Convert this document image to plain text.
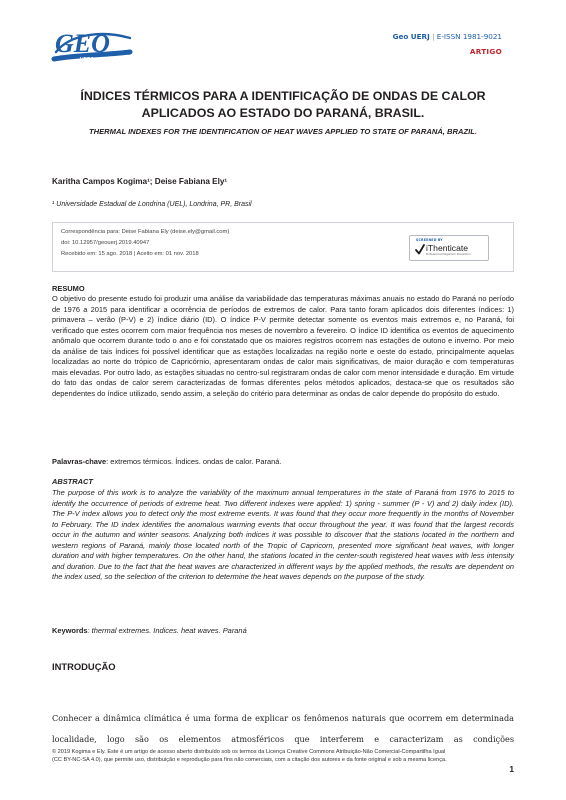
GEO
UERJ
Geo UERJ | E-ISSN 1981-9021
ARTIGO
ÍNDICES TÉRMICOS PARA A IDENTIFICAÇÃO DE ONDAS DE CALOR
APLICADOS AO ESTADO DO PARANÁ, BRASIL.
THERMAL INDEXES FOR THE IDENTIFICATION OF HEAT WAVES APPLIED TO STATE OF PARANÁ, BRAZIL.
Karitha Campos Kogima¹; Deise Fabiana Ely¹
¹ Universidade Estadual de Londrina (UEL), Londrina, PR, Brasil
Correspondência para: Deise Fabiana Ely (deise.ely@gmail.com)
doi: 10.12957/geouerj.2019.40947
Recebido em: 15 ago. 2018 | Aceito em: 01 nov. 2018
SCREENED BY
iThenticate
Professional Plagiarism Prevention
RESUMO
O objetivo do presente estudo foi produzir uma análise da variabilidade das temperaturas máximas anuais no estado do Paraná no período de 1976 a 2015 para identificar a ocorrência de períodos de extremos de calor. Para tanto foram aplicados dois diferentes índices: 1) primavera – verão (P-V) e 2) índice diário (ID). O índice P-V permite detectar somente os eventos mais extremos e, no Paraná, foi verificado que estes ocorrem com maior frequência nos meses de novembro a fevereiro. O índice ID identifica os eventos de aquecimento anômalo que ocorrem durante todo o ano e foi constatado que os maiores registros ocorrem nas estações de outono e inverno. Por meio da análise de tais índices foi possível identificar que as estações localizadas na região norte e oeste do estado, principalmente aquelas localizadas ao norte do trópico de Capricórnio, apresentaram ondas de calor mais significativas, de maior duração e com temperaturas mais elevadas. Por outro lado, as estações situadas no centro-sul registraram ondas de calor com menor intensidade e duração. Em virtude do fato das ondas de calor serem caracterizadas de formas diferentes pelos métodos aplicados, destaca-se que os resultados são dependentes do índice utilizado, sendo assim, a seleção do critério para determinar as ondas de calor depende do propósito do estudo.
Palavras-chave: extremos térmicos. Índices. ondas de calor. Paraná.
ABSTRACT
The purpose of this work is to analyze the variability of the maximum annual temperatures in the state of Paraná from 1976 to 2015 to identify the occurrence of periods of extreme heat. Two different indexes were applied: 1) spring - summer (P - V) and 2) daily index (ID). The P-V index allows you to detect only the most extreme events. It was found that they occur more frequently in the months of November to February. The ID index identifies the anomalous warming events that occur throughout the year. It was found that the largest records occur in the autumn and winter seasons. Analyzing both indices it was possible to discover that the stations located in the northern and western regions of Paraná, mainly those located north of the Tropic of Capricorn, presented more significant heat waves, with longer duration and with higher temperatures. On the other hand, the stations located in the center-south registered heat waves with less intensity and duration. Due to the fact that the heat waves are characterized in different ways by the applied methods, the results are dependent on the index used, so the selection of the criterion to determine the heat waves depends on the purpose of the study.
Keywords: thermal extremes. Indices. heat waves. Paraná
INTRODUÇÃO
Conhecer a dinâmica climática é uma forma de explicar os fenômenos naturais que ocorrem em determinada localidade, logo são os elementos atmosféricos que interferem e caracterizam as condições
© 2019 Kogima e Ely. Este é um artigo de acesso aberto distribuído sob os termos da Licença Creative Commons Atribuição-Não Comercial-Compartilha Igual (CC BY-NC-SA 4.0), que permite uso, distribuição e reprodução para fins não comerciais, com a citação dos autores e da fonte original e sob a mesma licença.
1
